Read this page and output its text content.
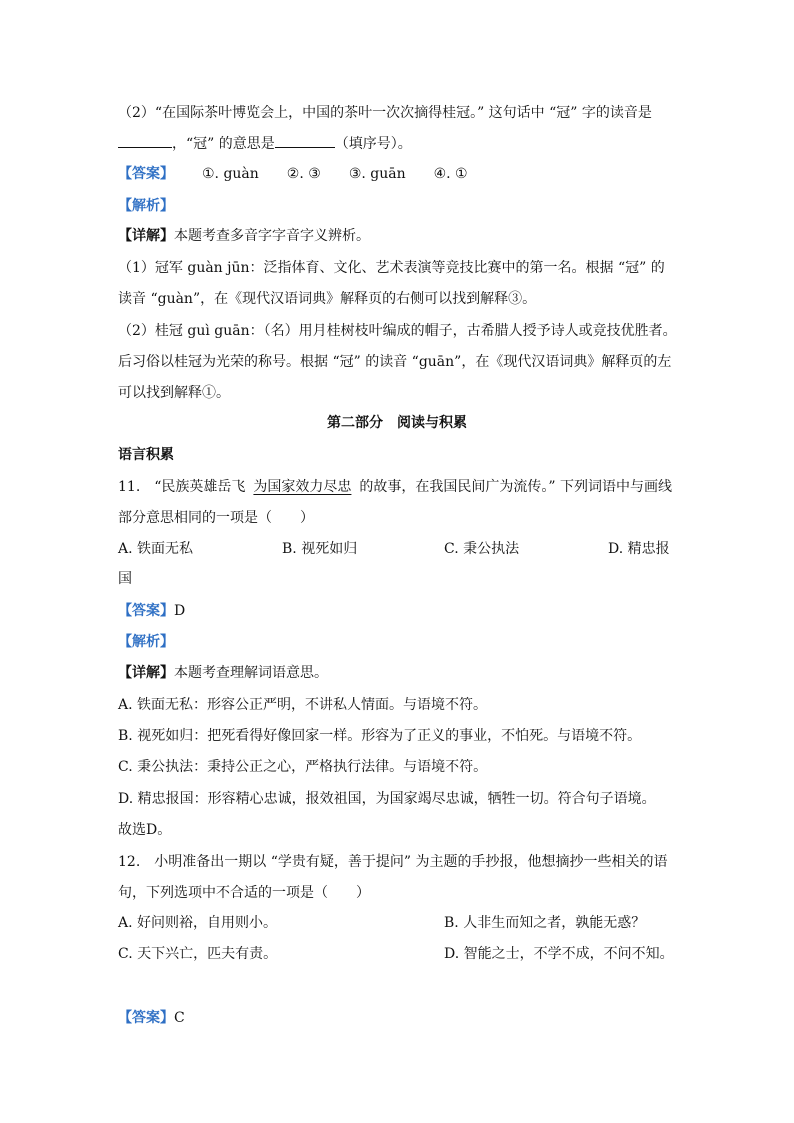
（2）“在国际茶叶博览会上，中国的茶叶一次次摘得桂冠。” 这句话中 “冠” 字的读音是
，“冠” 的意思是	（填序号）。
【答案】 ①. guàn ②. ③ ③. guān ④. ①
【解析】
【详解】本题考查多音字字音字义辨析。
（1）冠军 guàn jūn：泛指体育、文化、艺术表演等竞技比赛中的第一名。根据 “冠” 的
读音 “guàn”，在《现代汉语词典》解释页的右侧可以找到解释③。
（2）桂冠 guì guān：（名）用月桂树枝叶编成的帽子，古希腊人授予诗人或竞技优胜者。
后习俗以桂冠为光荣的称号。根据 “冠” 的读音 “guān”，在《现代汉语词典》解释页的左
可以找到解释①。
第二部分　阅读与积累
语言积累
11.　“民族英雄岳飞 为国家效力尽忠 的故事，在我国民间广为流传。” 下列词语中与画线
部分意思相同的一项是（　　）
A. 铁面无私	B. 视死如归	C. 秉公执法	D. 精忠报
国
【答案】D
【解析】
【详解】本题考查理解词语意思。
A. 铁面无私：形容公正严明，不讲私人情面。与语境不符。
B. 视死如归：把死看得好像回家一样。形容为了正义的事业，不怕死。与语境不符。
C. 秉公执法：秉持公正之心，严格执行法律。与语境不符。
D. 精忠报国：形容精心忠诚，报效祖国，为国家竭尽忠诚，牺牲一切。符合句子语境。
故选D。
12.　小明准备出一期以 “学贵有疑，善于提问” 为主题的手抄报，他想摘抄一些相关的语
句，下列选项中不合适的一项是（　　）
A. 好问则裕，自用则小。	B. 人非生而知之者，孰能无惑？
C. 天下兴亡，匹夫有责。	D. 智能之士，不学不成，不问不知。
【答案】C
